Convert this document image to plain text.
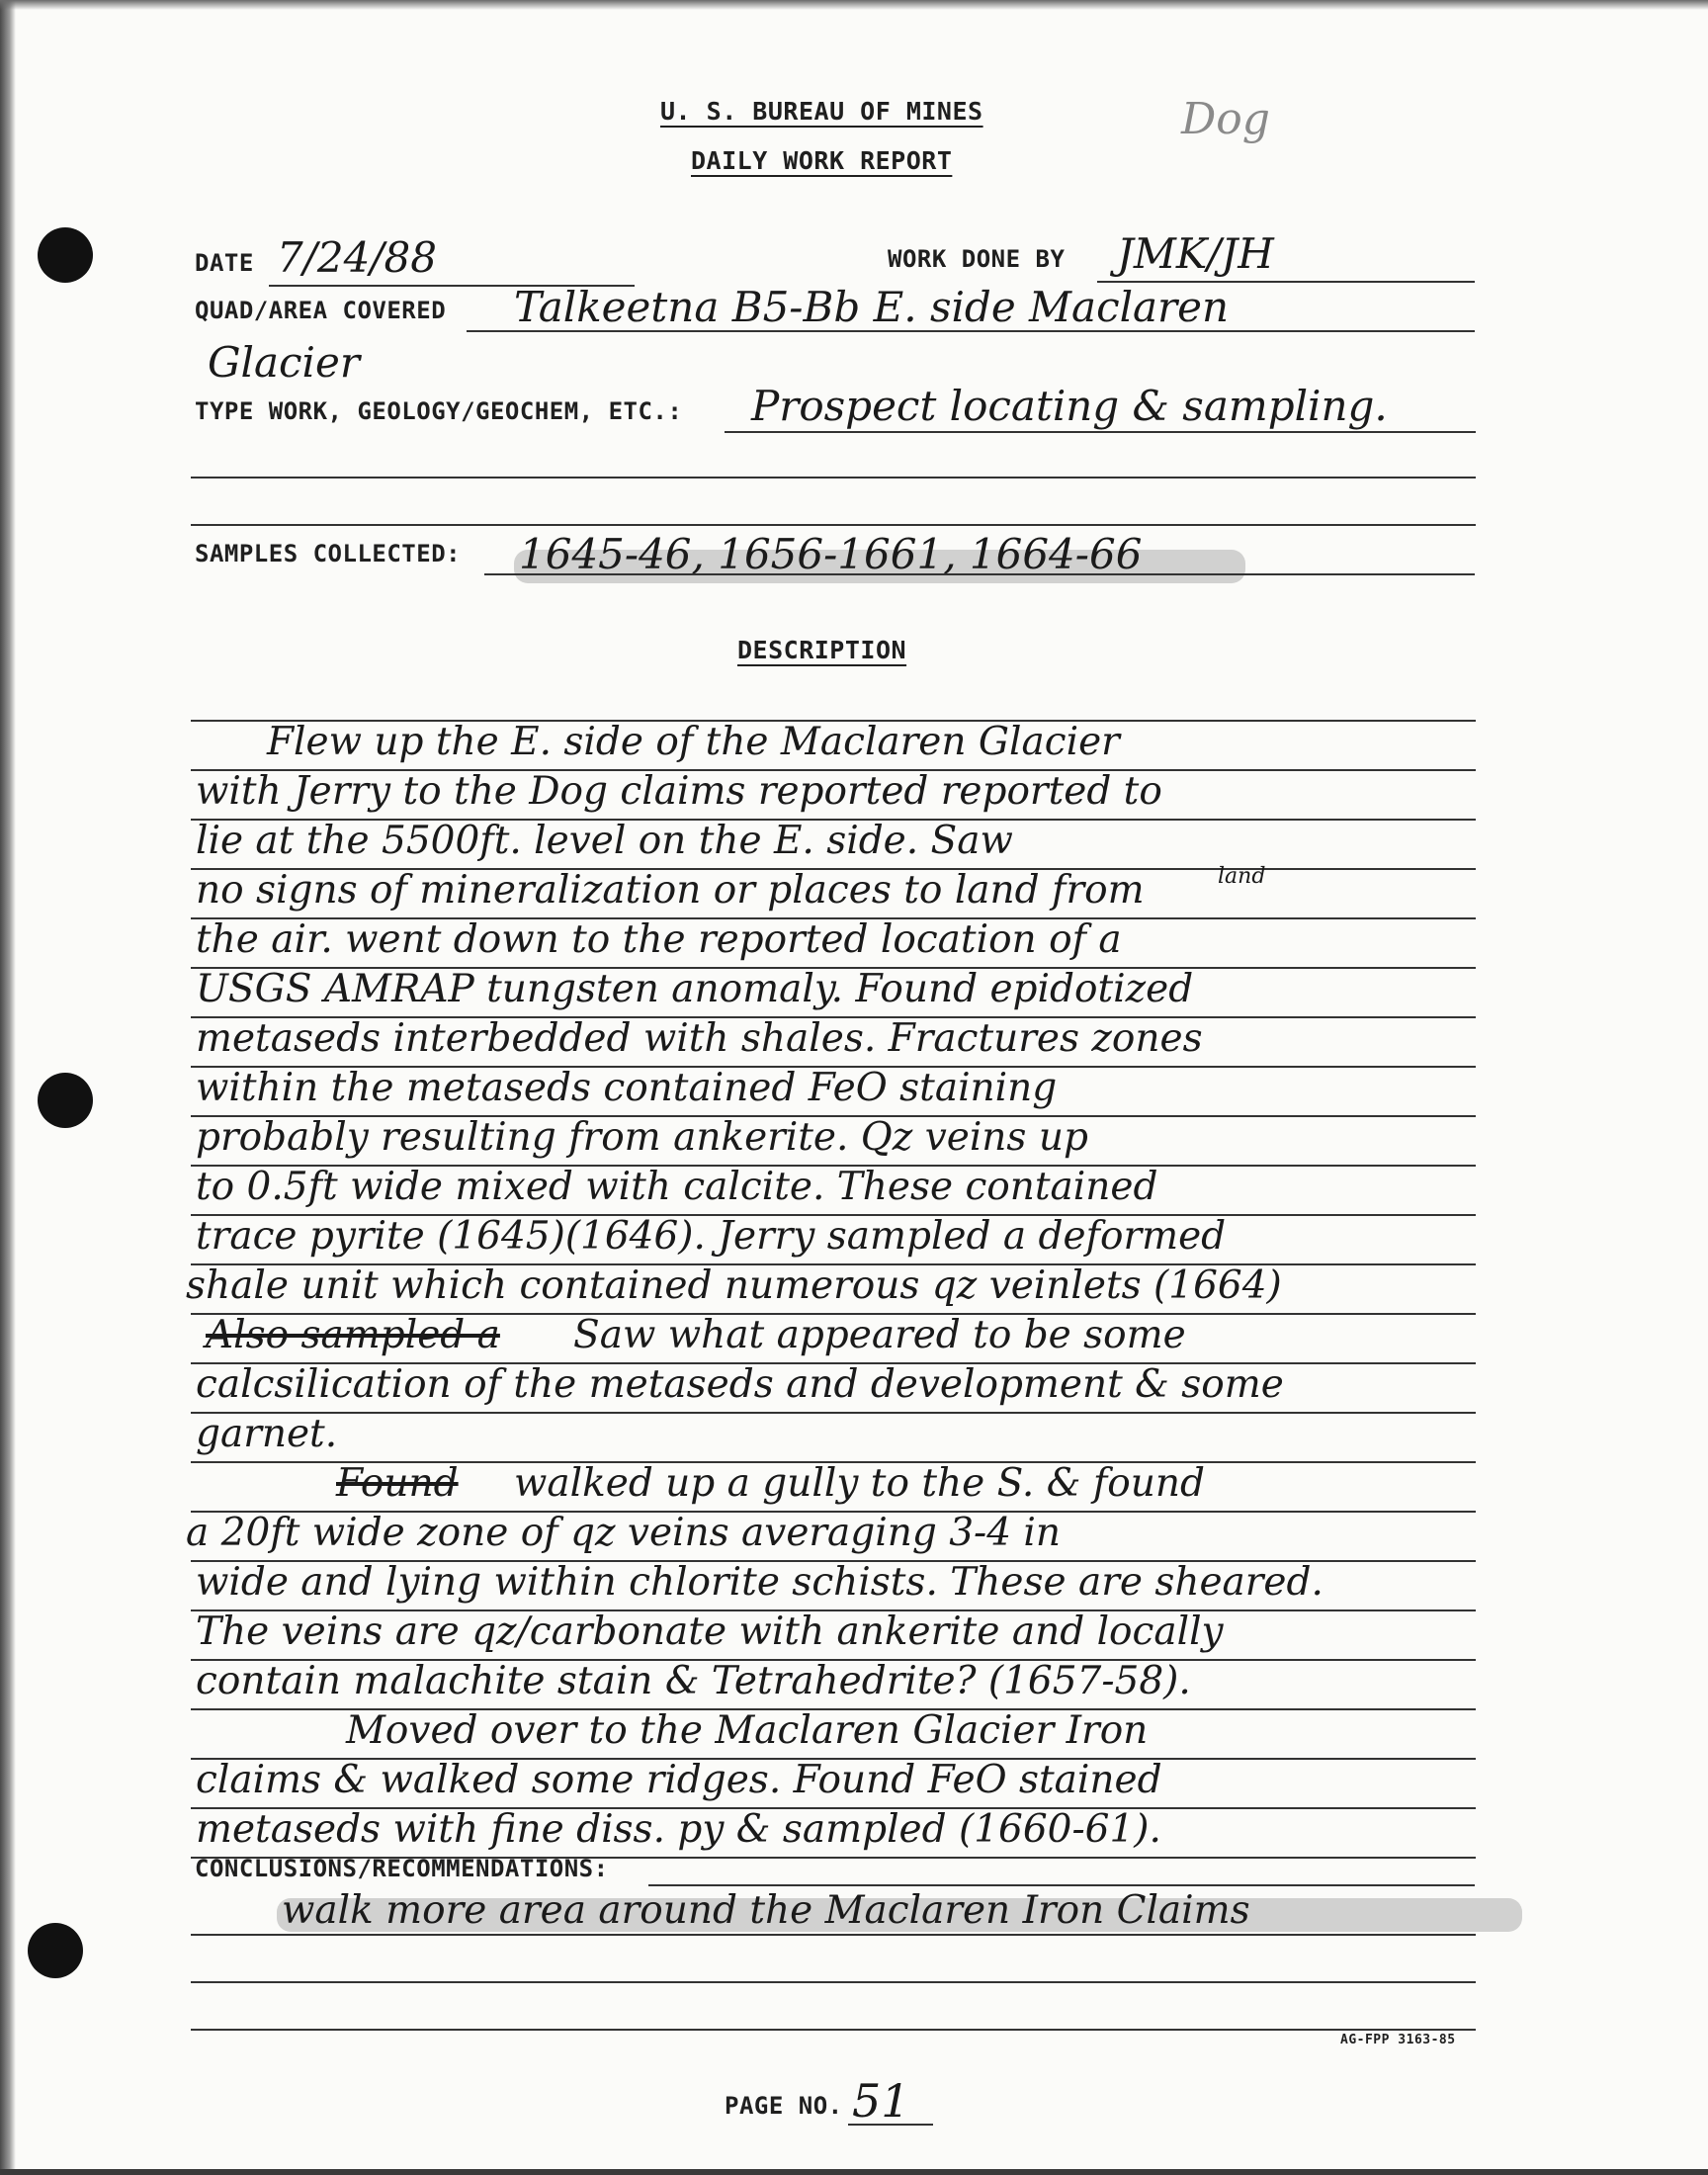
U. S. BUREAU OF MINES
DAILY WORK REPORT
Dog
DATE 7/24/88	WORK DONE BY JMK/JH
QUAD/AREA COVERED Talkeetna B5-Bb E. side Maclaren
Glacier
TYPE WORK, GEOLOGY/GEOCHEM, ETC.: Prospect locating & sampling.
SAMPLES COLLECTED: 1645-46, 1656-1661, 1664-66
DESCRIPTION
Flew up the E. side of the Maclaren Glacier
with Jerry to the Dog claims reported reported to
lie at the 5500ft. level on the E. side. Saw
no signs of mineralization or places to land from	land
the air. went down to the reported location of a
USGS AMRAP tungsten anomaly. Found epidotized
metaseds interbedded with shales. Fractures zones
within the metaseds contained FeO staining
probably resulting from ankerite. Qz veins up
to 0.5ft wide mixed with calcite. These contained
trace pyrite (1645)(1646). Jerry sampled a deformed
shale unit which contained numerous qz veinlets (1664)
Also sampled a Saw what appeared to be some
calcsilication of the metaseds and development & some
garnet.
Found walked up a gully to the S. & found
a 20ft wide zone of qz veins averaging 3-4 in
wide and lying within chlorite schists. These are sheared.
The veins are qz/carbonate with ankerite and locally
contain malachite stain & Tetrahedrite? (1657-58).
Moved over to the Maclaren Glacier Iron
claims & walked some ridges. Found FeO stained
metaseds with fine diss. py & sampled (1660-61).
CONCLUSIONS/RECOMMENDATIONS:
walk more area around the Maclaren Iron Claims
AG-FPP 3163-85
PAGE NO. 51
